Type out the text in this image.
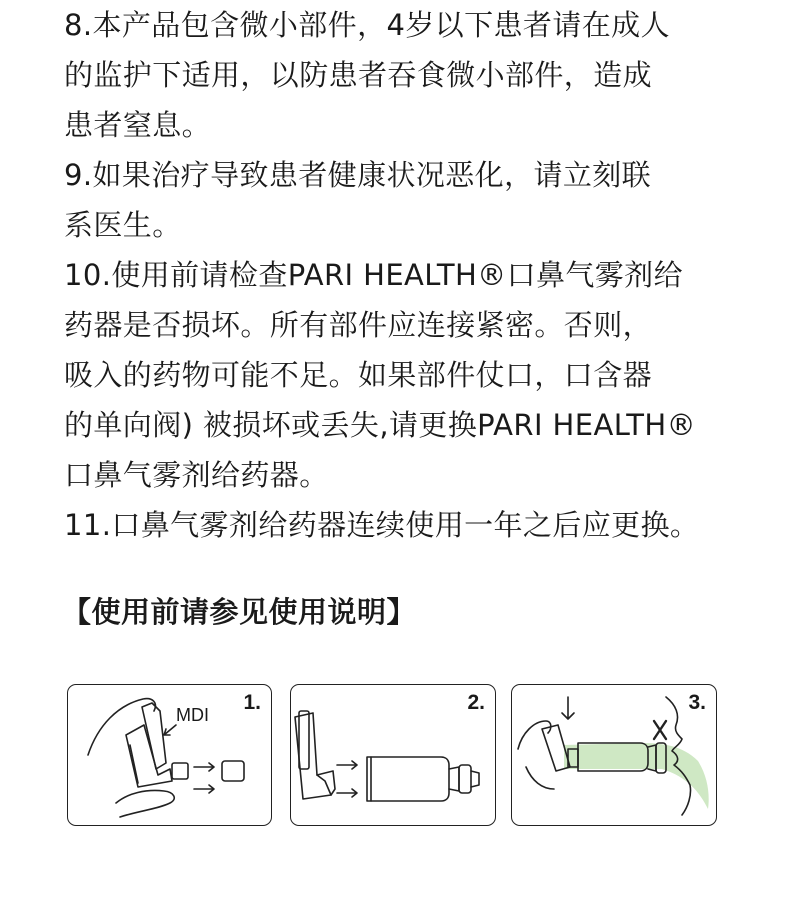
8.本产品包含微小部件，4岁以下患者请在成人
的监护下适用，以防患者吞食微小部件，造成
患者窒息。
9.如果治疗导致患者健康状况恶化，请立刻联
系医生。
10.使用前请检查PARI HEALTH®口鼻气雾剂给
药器是否损坏。所有部件应连接紧密。否则，
吸入的药物可能不足。如果部件仗口，口含器
的单向阀) 被损坏或丢失,请更换PARI HEALTH®
口鼻气雾剂给药器。
11.口鼻气雾剂给药器连续使用一年之后应更换。
【使用前请参见使用说明】
MDI
1.	2.	3.
